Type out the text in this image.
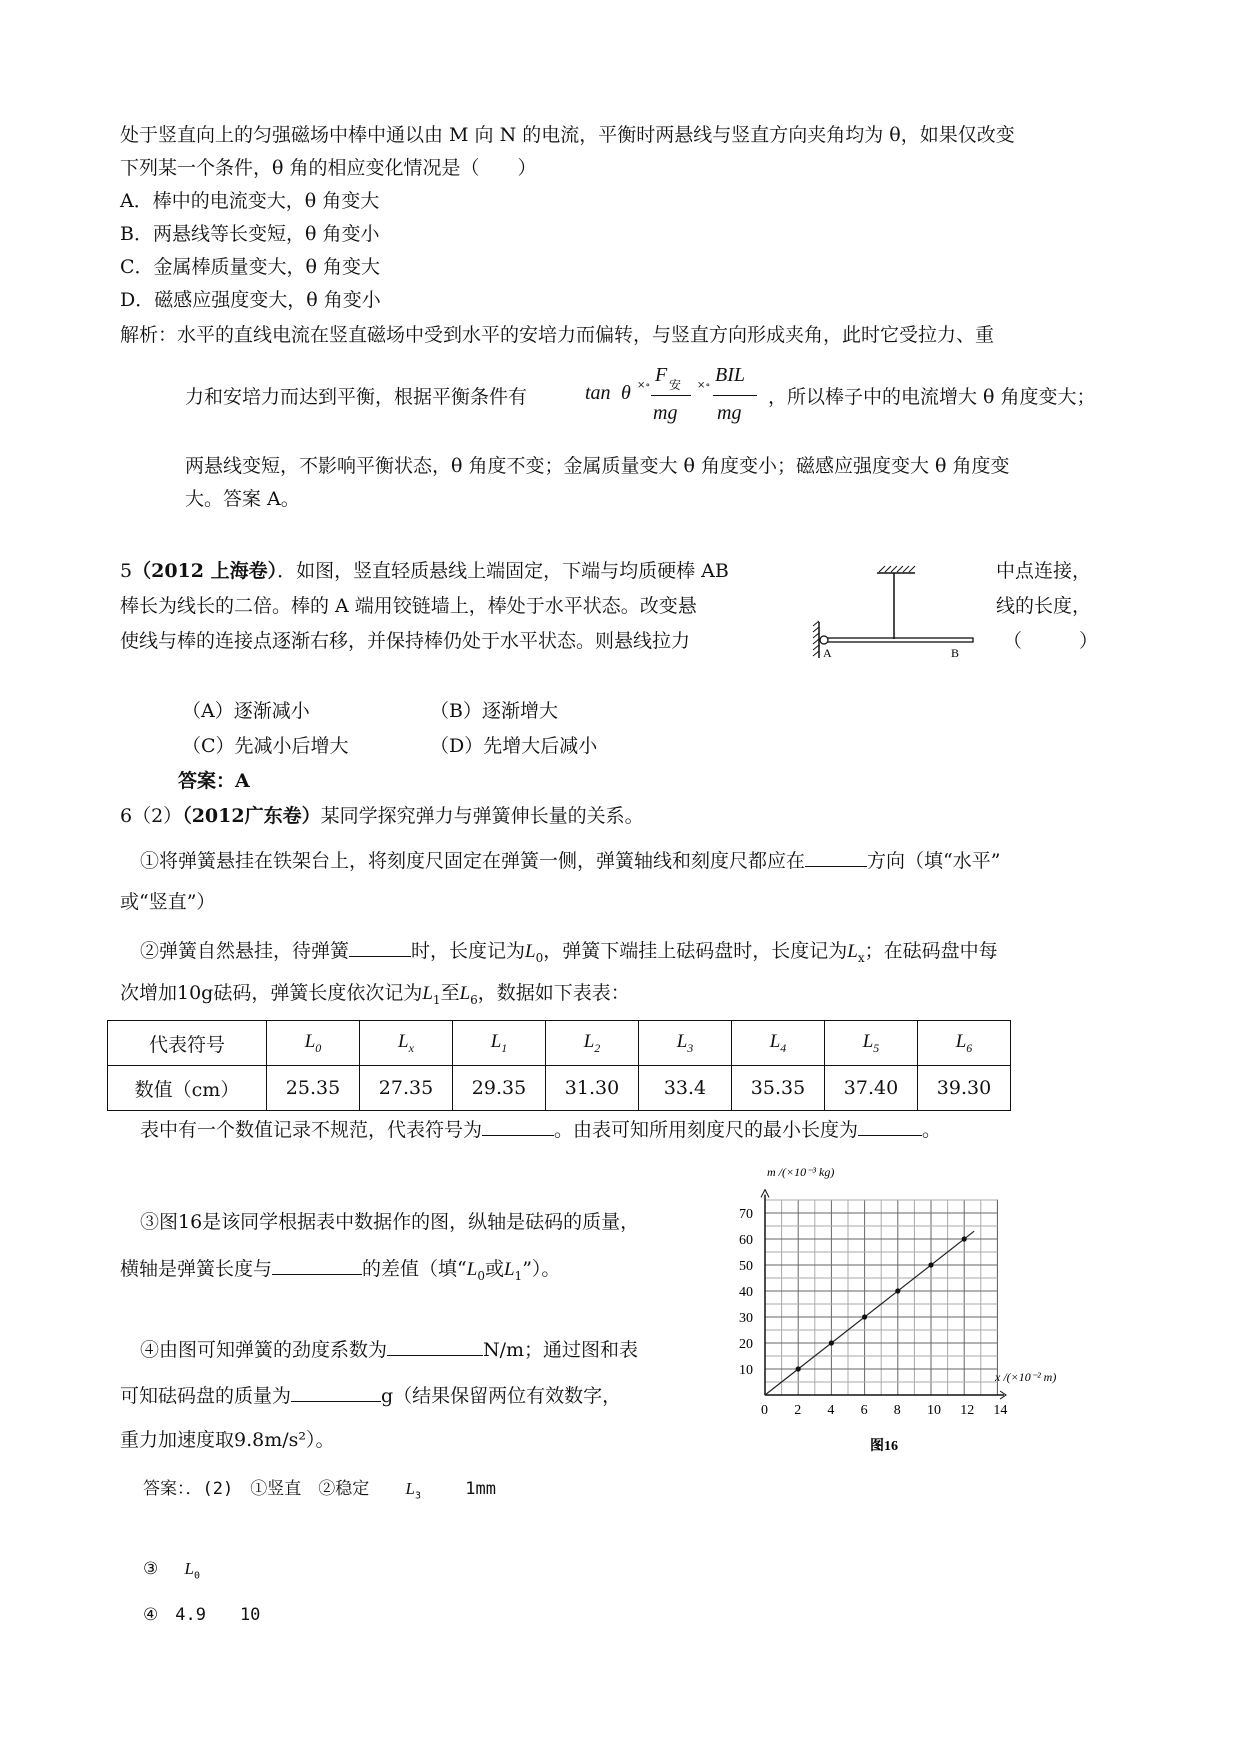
处于竖直向上的匀强磁场中棒中通以由 M 向 N 的电流，平衡时两悬线与竖直方向夹角均为 θ，如果仅改变
下列某一个条件，θ 角的相应变化情况是（　　）
A．棒中的电流变大，θ 角变大
B．两悬线等长变短，θ 角变小
C．金属棒质量变大，θ 角变大
D．磁感应强度变大，θ 角变小
解析：水平的直线电流在竖直磁场中受到水平的安培力而偏转，与竖直方向形成夹角，此时它受拉力、重
力和安培力而达到平衡，根据平衡条件有	tan θ ×∘ F 安
mg
×∘ BIL
mg
，所以棒子中的电流增大 θ 角度变大；
两悬线变短，不影响平衡状态，θ 角度不变；金属质量变大 θ 角度变小；磁感应强度变大 θ 角度变
大。答案 A。
5（2012 上海卷）．如图，竖直轻质悬线上端固定，下端与均质硬棒 AB
棒长为线长的二倍。棒的 A 端用铰链墙上，棒处于水平状态。改变悬
使线与棒的连接点逐渐右移，并保持棒仍处于水平状态。则悬线拉力
中点连接，
线的长度，
（　　　）
A	B
（A）逐渐减小	（B）逐渐增大
（C）先减小后增大	（D）先增大后减小
答案：A
6（2）（2012广东卷）某同学探究弹力与弹簧伸长量的关系。
①将弹簧悬挂在铁架台上，将刻度尺固定在弹簧一侧，弹簧轴线和刻度尺都应在	方向（填“水平”
或“竖直”）
②弹簧自然悬挂，待弹簧	时，长度记为$L_0$，弹簧下端挂上砝码盘时，长度记为$L_x$；在砝码盘中每
次增加10g砝码，弹簧长度依次记为$L_1$至$L_6$，数据如下表表：
代表符号	$L_0$	$L_x$	$L_1$	$L_2$	$L_3$	$L_4$	$L_5$	$L_6$
数值（cm）	25.35	27.35	29.35	31.30	33.4	35.35	37.40	39.30
表中有一个数值记录不规范，代表符号为	。由表可知所用刻度尺的最小长度为	。
③图16是该同学根据表中数据作的图，纵轴是砝码的质量，
横轴是弹簧长度与	的差值（填“$L_0$或$L_1$”）。
④由图可知弹簧的劲度系数为	N/m；通过图和表
可知砝码盘的质量为	g（结果保留两位有效数字，
重力加速度取9.8m/s²）。
答案：．(2)　①竖直　②稳定 $L_3$	1mm
③ $L_0$
④　4.9　　10
0 2 4 6 8 10 12 14
10
20
30
40
50
60
70
m /(×10⁻³ kg)
x /(×10⁻² m)
图16
